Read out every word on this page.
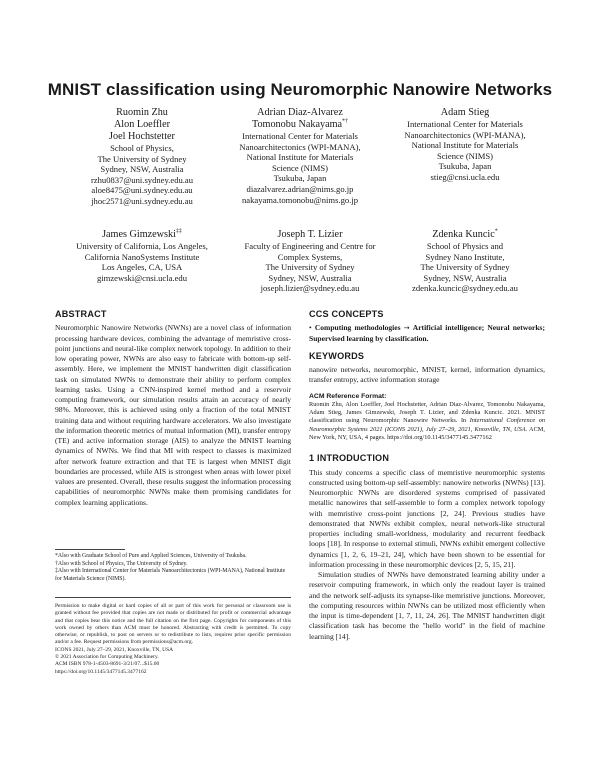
MNIST classification using Neuromorphic Nanowire Networks
Ruomin Zhu
Alon Loeffler
Joel Hochstetter
School of Physics,
The University of Sydney
Sydney, NSW, Australia
rzhu0837@uni.sydney.edu.au
aloe8475@uni.sydney.edu.au
jhoc2571@uni.sydney.edu.au
Adrian Diaz-Alvarez
Tomonobu Nakayama*†
International Center for Materials
Nanoarchitectonics (WPI-MANA),
National Institute for Materials
Science (NIMS)
Tsukuba, Japan
diazalvarez.adrian@nims.go.jp
nakayama.tomonobu@nims.go.jp
Adam Stieg
International Center for Materials
Nanoarchitectonics (WPI-MANA),
National Institute for Materials
Science (NIMS)
Tsukuba, Japan
stieg@cnsi.ucla.edu
James Gimzewski‡‡
University of California, Los Angeles,
California NanoSystems Institute
Los Angeles, CA, USA
gimzewski@cnsi.ucla.edu
Joseph T. Lizier
Faculty of Engineering and Centre for
Complex Systems,
The University of Sydney
Sydney, NSW, Australia
joseph.lizier@sydney.edu.au
Zdenka Kuncic*
School of Physics and
Sydney Nano Institute,
The University of Sydney
Sydney, NSW, Australia
zdenka.kuncic@sydney.edu.au
ABSTRACT

Neuromorphic Nanowire Networks (NWNs) are a novel class of information processing hardware devices, combining the advantage of memristive cross-point junctions and neural-like complex network topology. In addition to their low operating power, NWNs are also easy to fabricate with bottom-up self-assembly. Here, we implement the MNIST handwritten digit classification task on simulated NWNs to demonstrate their ability to perform complex learning tasks. Using a CNN-inspired kernel method and a reservoir computing framework, our simulation results attain an accuracy of nearly 98%. Moreover, this is achieved using only a fraction of the total MNIST training data and without requiring hardware accelerators. We also investigate the information theoretic metrics of mutual information (MI), transfer entropy (TE) and active information storage (AIS) to analyze the MNIST learning dynamics of NWNs. We find that MI with respect to classes is maximized after network feature extraction and that TE is largest when MNIST digit boundaries are processed, while AIS is strongest when areas with lower pixel values are presented. Overall, these results suggest the information processing capabilities of neuromorphic NWNs make them promising candidates for complex learning applications.

*Also with Graduate School of Pure and Applied Sciences, University of Tsukuba.
†Also with School of Physics, The University of Sydney.
‡Also with International Center for Materials Nanoarchitectonics (WPI-MANA), National Institute for Materials Science (NIMS).
Permission to make digital or hard copies of all or part of this work for personal or classroom use is granted without fee provided that copies are not made or distributed for profit or commercial advantage and that copies bear this notice and the full citation on the first page. Copyrights for components of this work owned by others than ACM must be honored. Abstracting with credit is permitted. To copy otherwise, or republish, to post on servers or to redistribute to lists, requires prior specific permission and/or a fee. Request permissions from permissions@acm.org.
ICONS 2021, July 27–29, 2021, Knoxville, TN, USA
© 2021 Association for Computing Machinery.
ACM ISBN 978-1-4503-8691-3/21/07...$15.00
https://doi.org/10.1145/3477145.3477162
CCS CONCEPTS

• Computing methodologies → Artificial intelligence; Neural networks; Supervised learning by classification.

KEYWORDS

nanowire networks, neuromorphic, MNIST, kernel, information dynamics, transfer entropy, active information storage

ACM Reference Format:
Ruomin Zhu, Alon Loeffler, Joel Hochstetter, Adrian Diaz-Alvarez, Tomonobu Nakayama, Adam Stieg, James Gimzewski, Joseph T. Lizier, and Zdenka Kuncic. 2021. MNIST classification using Neuromorphic Nanowire Networks. In International Conference on Neuromorphic Systems 2021 (ICONS 2021), July 27–29, 2021, Knoxville, TN, USA. ACM, New York, NY, USA, 4 pages. https://doi.org/10.1145/3477145.3477162
1 INTRODUCTION

This study concerns a specific class of memristive neuromorphic systems constructed using bottom-up self-assembly: nanowire networks (NWNs) [13]. Neuromorphic NWNs are disordered systems comprised of passivated metallic nanowires that self-assemble to form a complex network topology with memristive cross-point junctions [2, 24]. Previous studies have demonstrated that NWNs exhibit complex, neural network-like structural properties including small-worldness, modularity and recurrent feedback loops [18]. In response to external stimuli, NWNs exhibit emergent collective dynamics [1, 2, 6, 19–21, 24], which have been shown to be essential for information processing in these neuromorphic devices [2, 5, 15, 21].

Simulation studies of NWNs have demonstrated learning ability under a reservoir computing framework, in which only the readout layer is trained and the network self-adjusts its synapse-like memristive junctions. Moreover, the computing resources within NWNs can be utilized most efficiently when the input is time-dependent [1, 7, 11, 24, 26]. The MNIST handwritten digit classification task has become the "hello world" in the field of machine learning [14].
